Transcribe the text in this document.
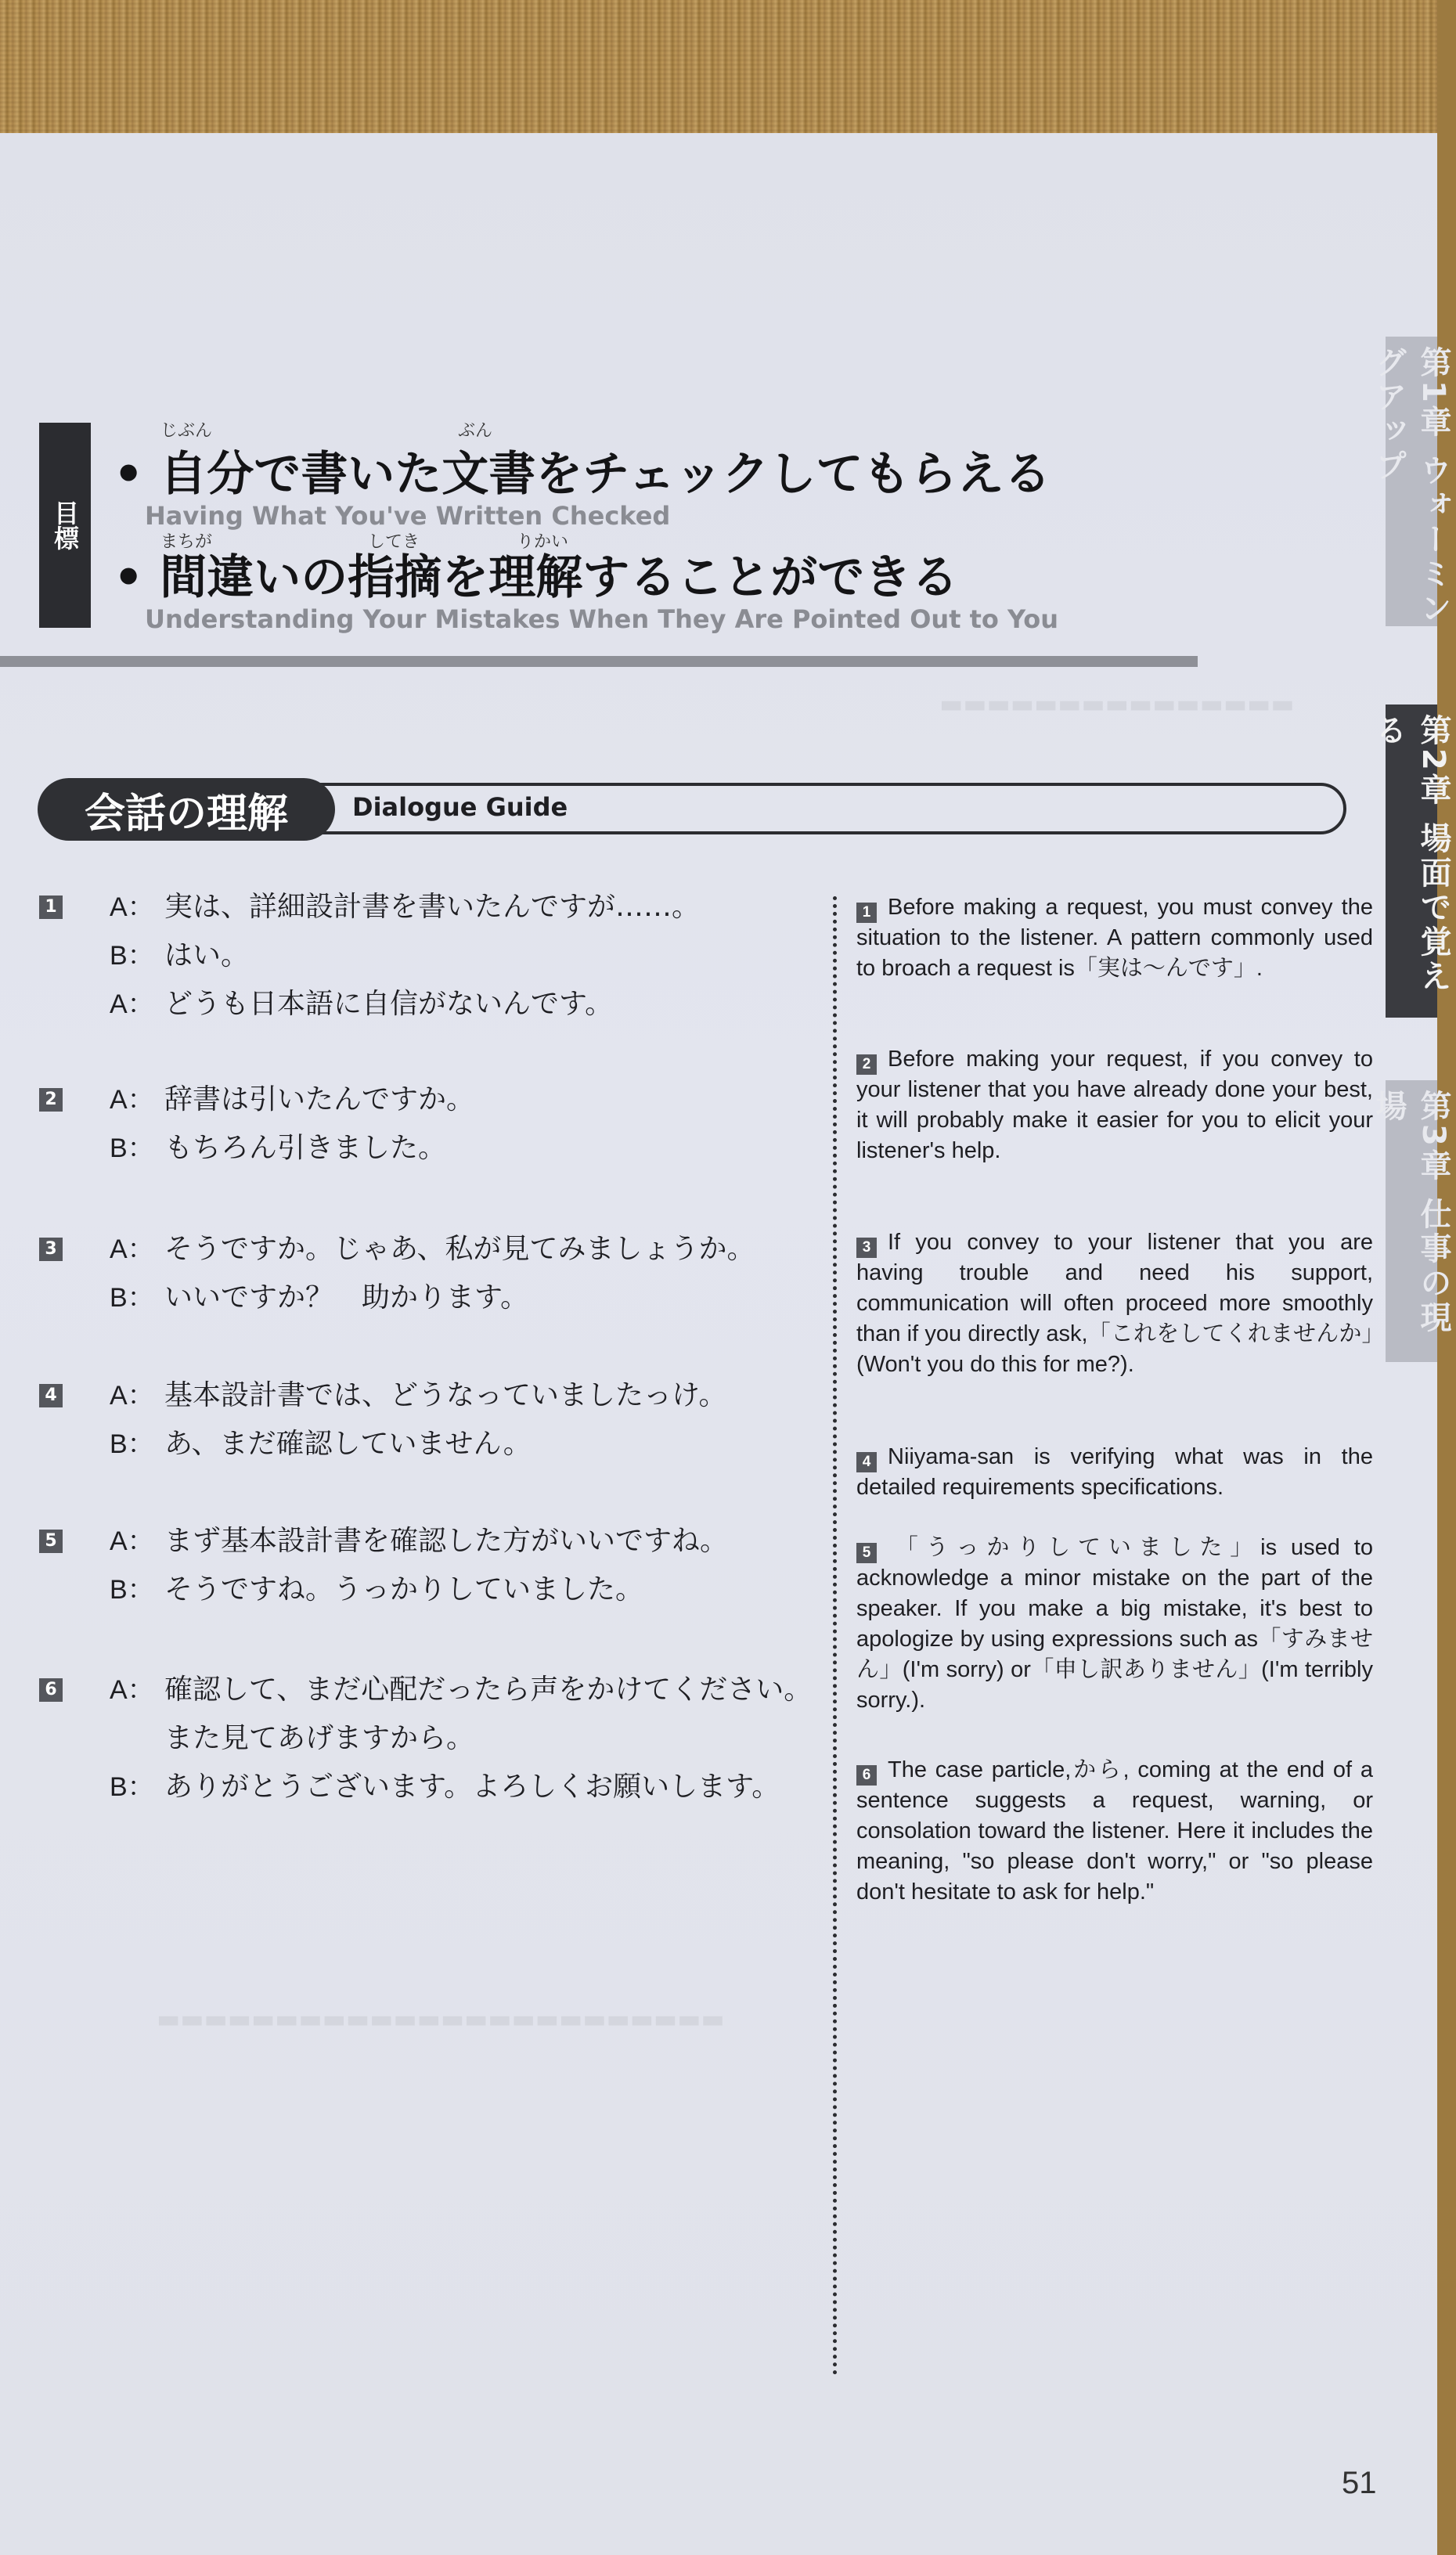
▬▬▬▬▬▬▬▬▬▬▬▬▬▬▬
▬▬▬▬▬▬▬▬▬▬▬▬▬▬▬▬▬▬▬▬▬▬▬▬
第1章 ウォーミングアップ
第2章 場面で覚える
第3章 仕事の現場
目標
じぶん	ぶん
• 自分で書いた文書をチェックしてもらえる
Having What You've Written Checked
まちが	してき	りかい
• 間違いの指摘を理解することができる
Understanding Your Mistakes When They Are Pointed Out to You
会話の理解	Dialogue Guide
1 A： 実は、詳細設計書を書いたんですが……。
B： はい。
A： どうも日本語に自信がないんです。
2 A： 辞書は引いたんですか。
B： もちろん引きました。
3 A： そうですか。じゃあ、私が見てみましょうか。
B： いいですか？　助かります。
4 A： 基本設計書では、どうなっていましたっけ。
B： あ、まだ確認していません。
5 A： まず基本設計書を確認した方がいいですね。
B： そうですね。うっかりしていました。
6 A： 確認して、まだ心配だったら声をかけてください。また見てあげますから。
B： ありがとうございます。よろしくお願いします。
1 Before making a request, you must convey the situation to the listener. A pattern commonly used to broach a request is「実は～んです」.
2 Before making your request, if you convey to your listener that you have already done your best, it will probably make it easier for you to elicit your listener's help.
3 If you convey to your listener that you are having trouble and need his support, communication will often proceed more smoothly than if you directly ask,「これをしてくれませんか」(Won't you do this for me?).
4 Niiyama-san is verifying what was in the detailed requirements specifications.
5 「うっかりしていました」is used to acknowledge a minor mistake on the part of the speaker. If you make a big mistake, it's best to apologize by using expressions such as「すみません」(I'm sorry) or「申し訳ありません」(I'm terribly sorry.).
6 The case particle,から, coming at the end of a sentence suggests a request, warning, or consolation toward the listener. Here it includes the meaning, "so please don't worry," or "so please don't hesitate to ask for help."
51
